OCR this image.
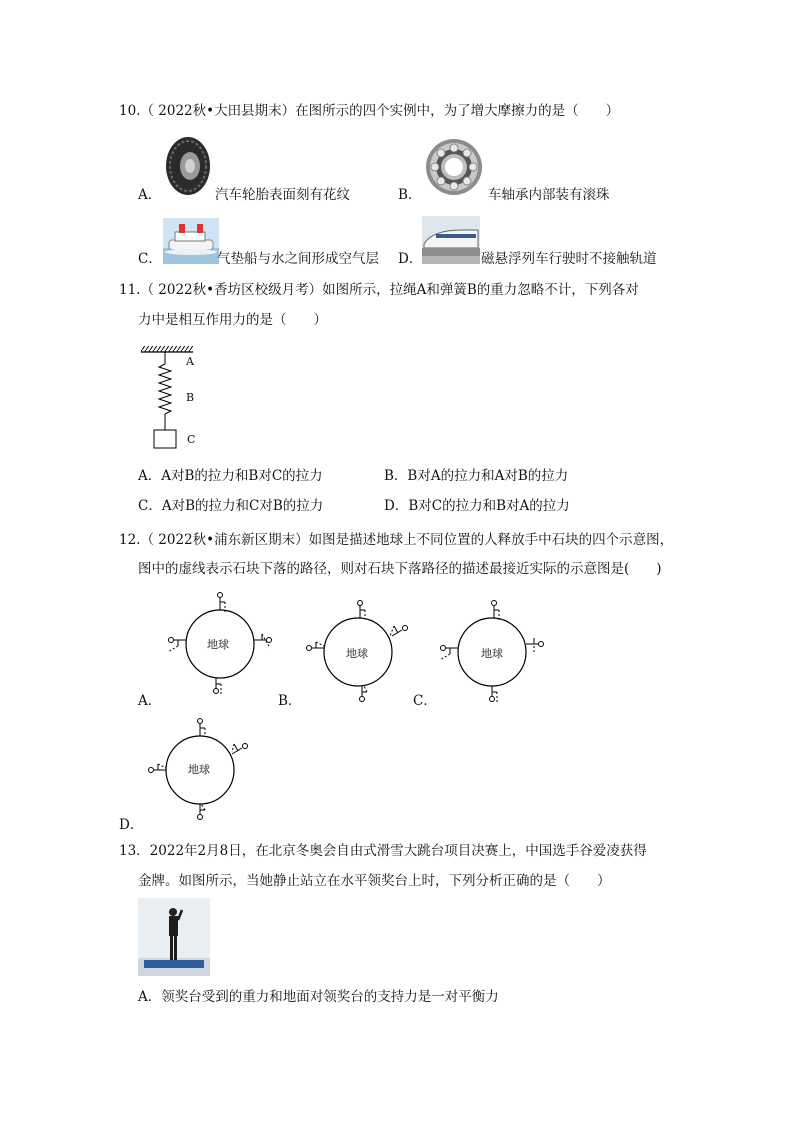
10.（ 2022秋•大田县期末）在图所示的四个实例中，为了增大摩擦力的是（　　）
A．	汽车轮胎表面刻有花纹	B．	车轴承内部装有滚珠
C．	气垫船与水之间形成空气层 D．	磁悬浮列车行驶时不接触轨道
11.（ 2022秋•香坊区校级月考）如图所示，拉绳A和弹簧B的重力忽略不计，下列各对
力中是相互作用力的是（　　）
A
B
C
A．A对B的拉力和B对C的拉力	B．B对A的拉力和A对B的拉力
C．A对B的拉力和C对B的拉力	D．B对C的拉力和B对A的拉力
12.（ 2022秋•浦东新区期末）如图是描述地球上不同位置的人释放手中石块的四个示意图，
图中的虚线表示石块下落的路径，则对石块下落路径的描述最接近实际的示意图是(　　)
地球
A．
地球
B．
地球
C．
地球
D．
13．2022年2月8日，在北京冬奥会自由式滑雪大跳台项目决赛上，中国选手谷爱凌获得
金牌。如图所示，当她静止站立在水平领奖台上时，下列分析正确的是（　　）
A．领奖台受到的重力和地面对领奖台的支持力是一对平衡力
